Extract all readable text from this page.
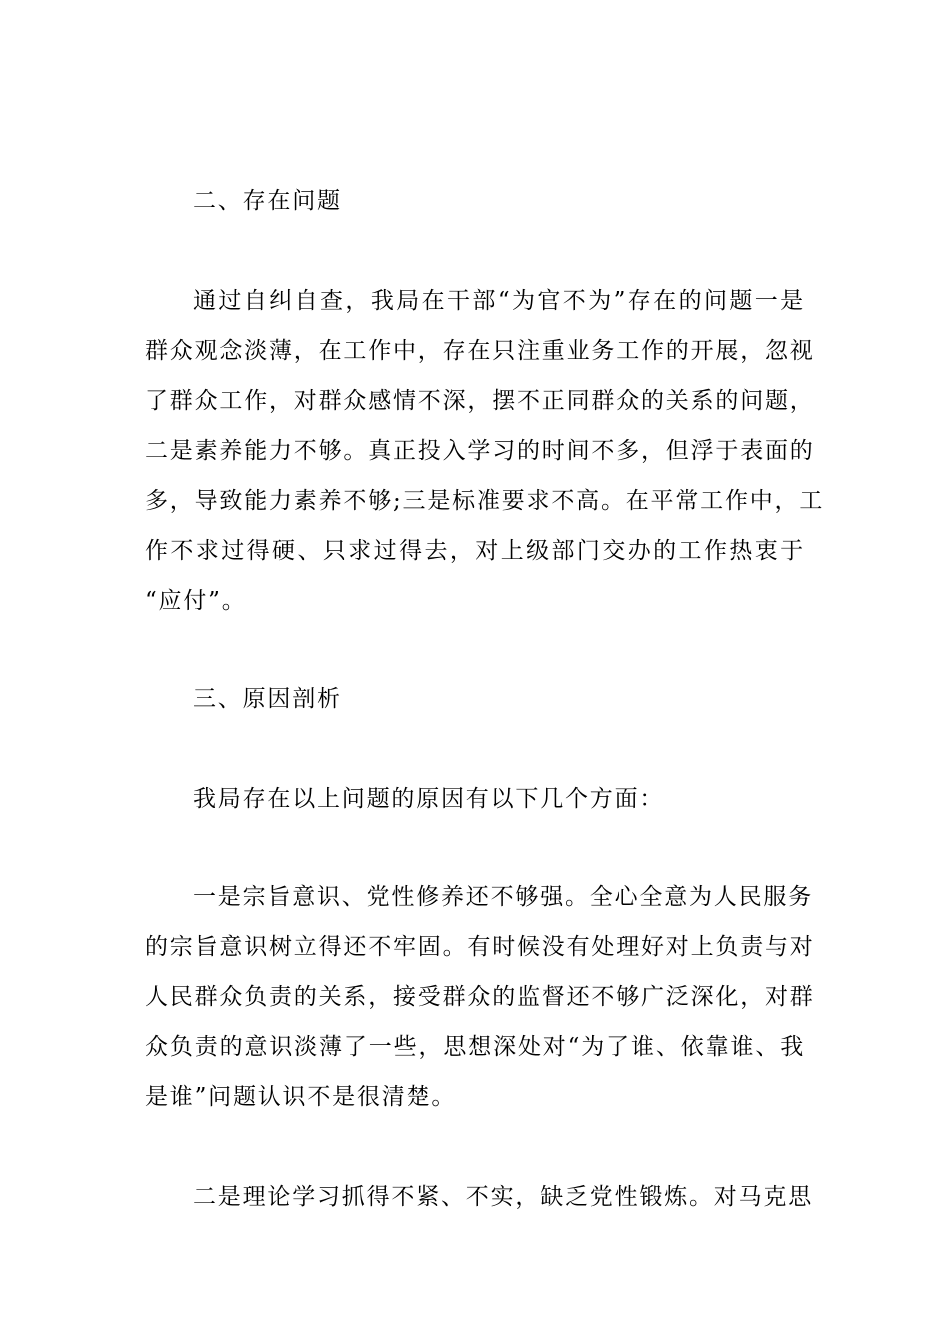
二、存在问题
通过自纠自查，我局在干部“为官不为”存在的问题一是
群众观念淡薄，在工作中，存在只注重业务工作的开展，忽视
了群众工作，对群众感情不深，摆不正同群众的关系的问题，
二是素养能力不够。真正投入学习的时间不多，但浮于表面的
多，导致能力素养不够;三是标准要求不高。在平常工作中，工
作不求过得硬、只求过得去，对上级部门交办的工作热衷于
“应付”。
三、原因剖析
我局存在以上问题的原因有以下几个方面：
一是宗旨意识、党性修养还不够强。全心全意为人民服务
的宗旨意识树立得还不牢固。有时候没有处理好对上负责与对
人民群众负责的关系，接受群众的监督还不够广泛深化，对群
众负责的意识淡薄了一些，思想深处对“为了谁、依靠谁、我
是谁”问题认识不是很清楚。
二是理论学习抓得不紧、不实，缺乏党性锻炼。对马克思
